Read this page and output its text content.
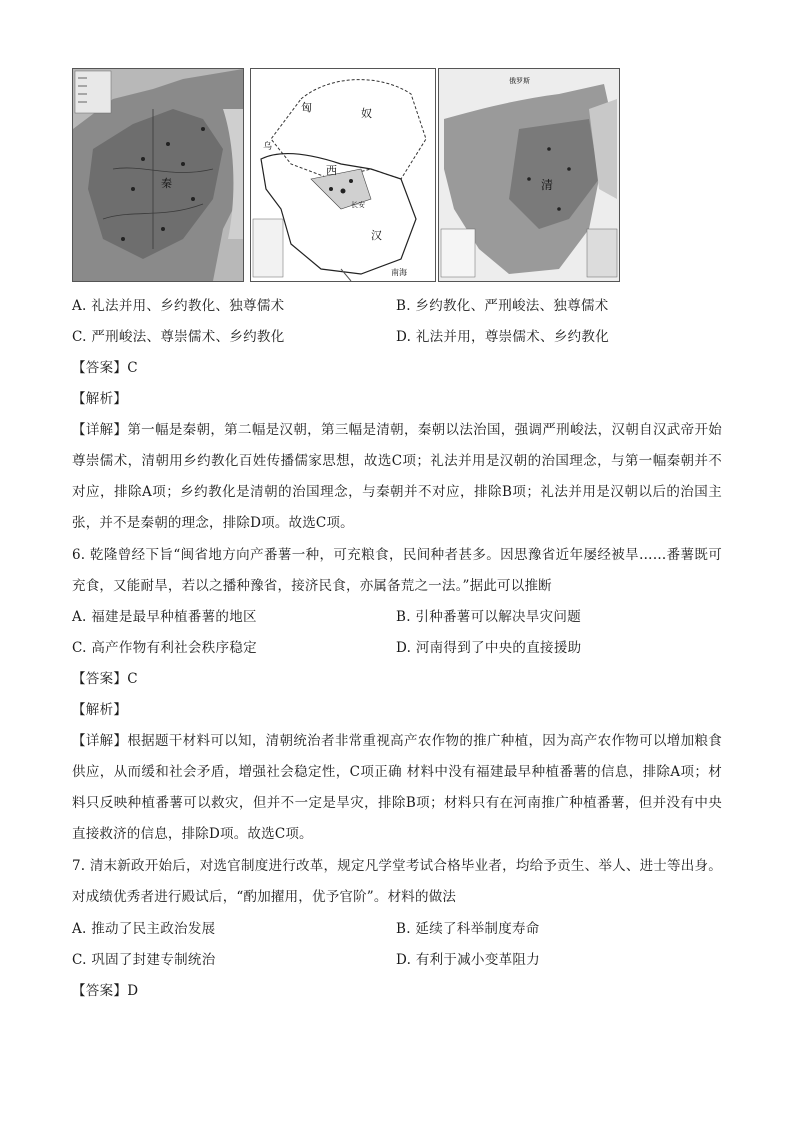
秦
匈	奴
西
汉
长安
乌
南海
清
俄罗斯
A. 礼法并用、乡约教化、独尊儒术	B. 乡约教化、严刑峻法、独尊儒术
C. 严刑峻法、尊崇儒术、乡约教化	D. 礼法并用，尊崇儒术、乡约教化
【答案】C
【解析】
【详解】第一幅是秦朝，第二幅是汉朝，第三幅是清朝，秦朝以法治国，强调严刑峻法，汉朝自汉武帝开始尊崇儒术，清朝用乡约教化百姓传播儒家思想，故选C项；礼法并用是汉朝的治国理念，与第一幅秦朝并不对应，排除A项；乡约教化是清朝的治国理念，与秦朝并不对应，排除B项；礼法并用是汉朝以后的治国主张，并不是秦朝的理念，排除D项。故选C项。
6. 乾隆曾经下旨“闽省地方向产番薯一种，可充粮食，民间种者甚多。因思豫省近年屡经被旱……番薯既可充食，又能耐旱，若以之播种豫省，接济民食，亦属备荒之一法。”据此可以推断
A. 福建是最早种植番薯的地区	B. 引种番薯可以解决旱灾问题
C. 高产作物有利社会秩序稳定	D. 河南得到了中央的直接援助
【答案】C
【解析】
【详解】根据题干材料可以知，清朝统治者非常重视高产农作物的推广种植，因为高产农作物可以增加粮食供应，从而缓和社会矛盾，增强社会稳定性，C项正确 材料中没有福建最早种植番薯的信息，排除A项；材料只反映种植番薯可以救灾，但并不一定是旱灾，排除B项；材料只有在河南推广种植番薯，但并没有中央直接救济的信息，排除D项。故选C项。
7. 清末新政开始后，对选官制度进行改革，规定凡学堂考试合格毕业者，均给予贡生、举人、进士等出身。对成绩优秀者进行殿试后，“酌加擢用，优予官阶”。材料的做法
A. 推动了民主政治发展	B. 延续了科举制度寿命
C. 巩固了封建专制统治	D. 有利于减小变革阻力
【答案】D
